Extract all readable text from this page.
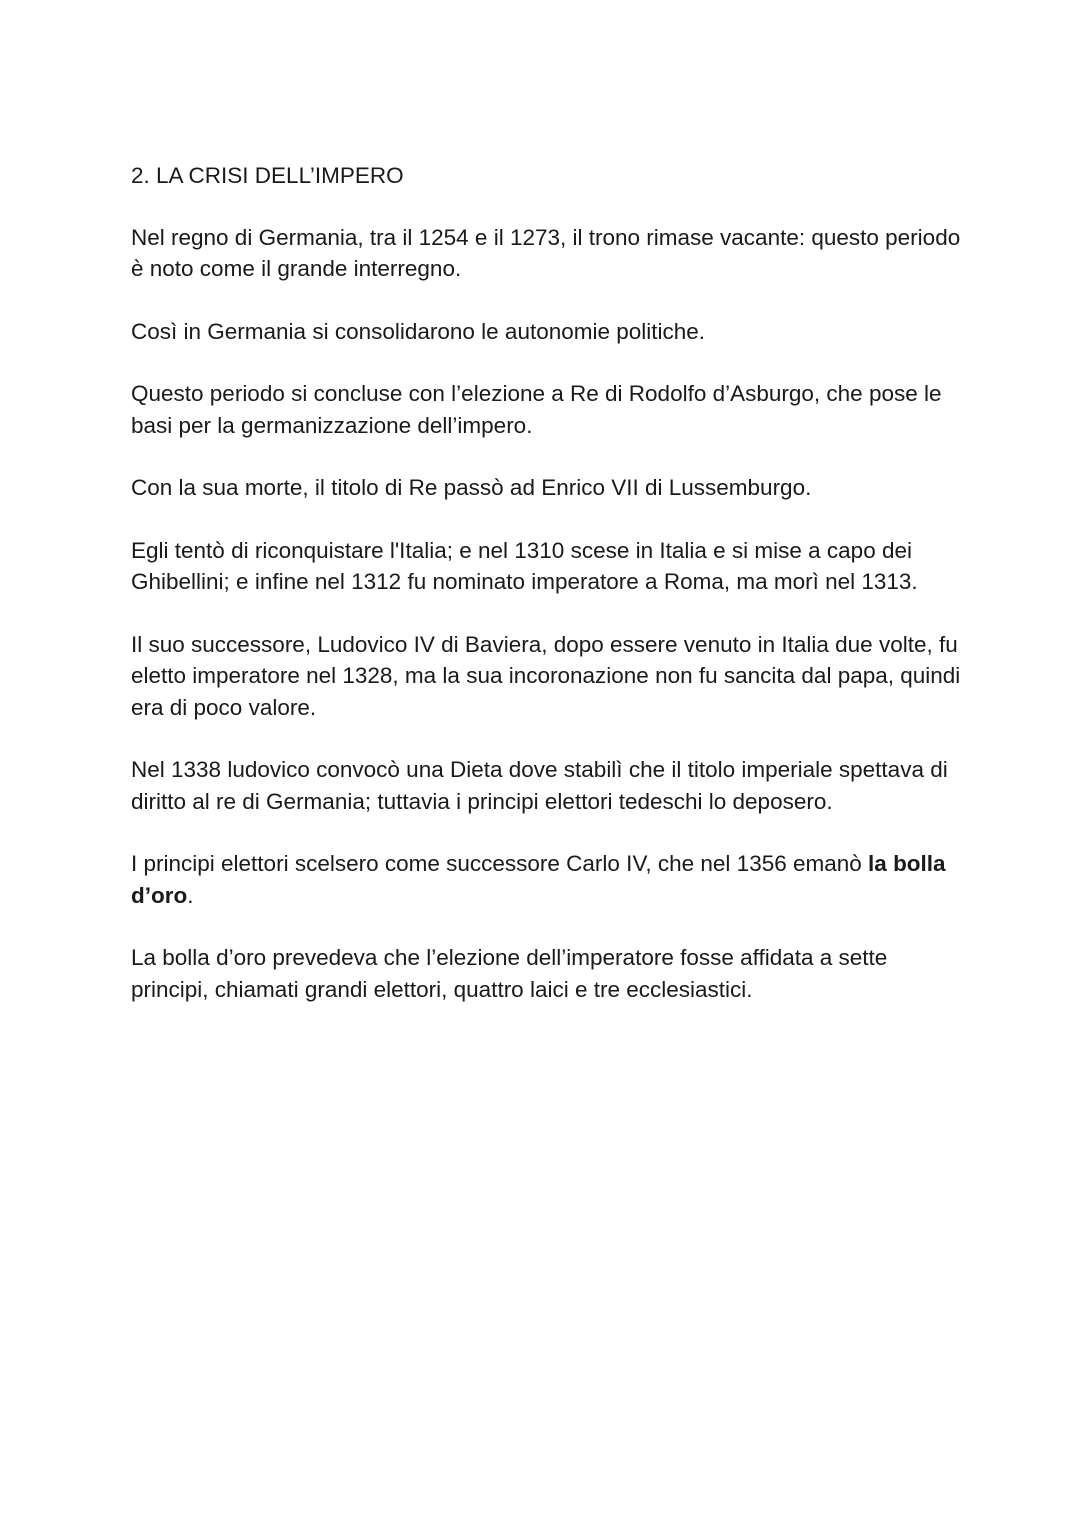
2. LA CRISI DELL’IMPERO

Nel regno di Germania, tra il 1254 e il 1273, il trono rimase vacante: questo periodo è noto come il grande interregno.

Così in Germania si consolidarono le autonomie politiche.

Questo periodo si concluse con l’elezione a Re di Rodolfo d’Asburgo, che pose le basi per la germanizzazione dell’impero.

Con la sua morte, il titolo di Re passò ad Enrico VII di Lussemburgo.

Egli tentò di riconquistare l'Italia; e nel 1310 scese in Italia e si mise a capo dei Ghibellini; e infine nel 1312 fu nominato imperatore a Roma, ma morì nel 1313.

Il suo successore, Ludovico IV di Baviera, dopo essere venuto in Italia due volte, fu eletto imperatore nel 1328, ma la sua incoronazione non fu sancita dal papa, quindi era di poco valore.

Nel 1338 ludovico convocò una Dieta dove stabilì che il titolo imperiale spettava di diritto al re di Germania; tuttavia i principi elettori tedeschi lo deposero.

I principi elettori scelsero come successore Carlo IV, che nel 1356 emanò la bolla d’oro.

La bolla d’oro prevedeva che l’elezione dell’imperatore fosse affidata a sette principi, chiamati grandi elettori, quattro laici e tre ecclesiastici.
